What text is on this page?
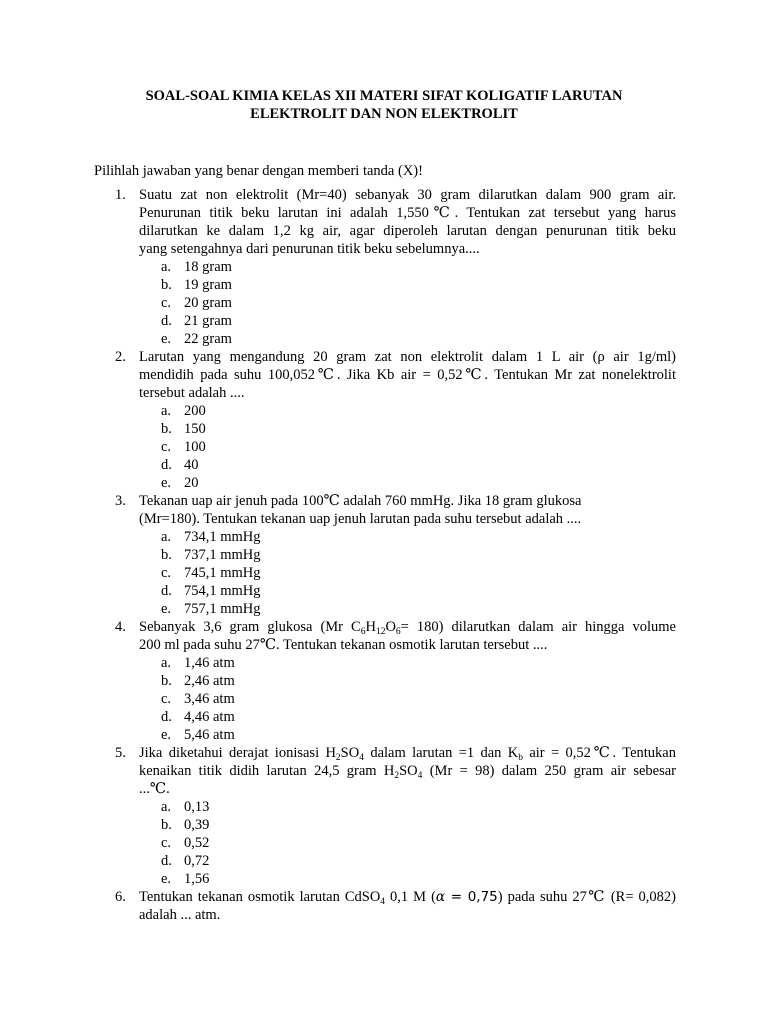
SOAL-SOAL KIMIA KELAS XII MATERI SIFAT KOLIGATIF LARUTAN
ELEKTROLIT DAN NON ELEKTROLIT
Pilihlah jawaban yang benar dengan memberi tanda (X)!
1. Suatu zat non elektrolit (Mr=40) sebanyak 30 gram dilarutkan dalam 900 gram air.
Penurunan titik beku larutan ini adalah 1,550℃. Tentukan zat tersebut yang harus
dilarutkan ke dalam 1,2 kg air, agar diperoleh larutan dengan penurunan titik beku
yang setengahnya dari penurunan titik beku sebelumnya....
a. 18 gram
b. 19 gram
c. 20 gram
d. 21 gram
e. 22 gram
2. Larutan yang mengandung 20 gram zat non elektrolit dalam 1 L air (ρ air 1g/ml)
mendidih pada suhu 100,052℃. Jika Kb air = 0,52℃. Tentukan Mr zat nonelektrolit
tersebut adalah ....
a. 200
b. 150
c. 100
d. 40
e. 20
3. Tekanan uap air jenuh pada 100℃ adalah 760 mmHg. Jika 18 gram glukosa
(Mr=180). Tentukan tekanan uap jenuh larutan pada suhu tersebut adalah ....
a. 734,1 mmHg
b. 737,1 mmHg
c. 745,1 mmHg
d. 754,1 mmHg
e. 757,1 mmHg
4. Sebanyak 3,6 gram glukosa (Mr $C_6H_{12}O_6= 180$) dilarutkan dalam air hingga volume
200 ml pada suhu 27℃. Tentukan tekanan osmotik larutan tersebut ....
a. 1,46 atm
b. 2,46 atm
c. 3,46 atm
d. 4,46 atm
e. 5,46 atm
5. Jika diketahui derajat ionisasi $H_2SO_4$ dalam larutan =1 dan $K_b$ air = 0,52℃. Tentukan
kenaikan titik didih larutan 24,5 gram $H_2SO_4$ (Mr = 98) dalam 250 gram air sebesar
...℃.
a. 0,13
b. 0,39
c. 0,52
d. 0,72
e. 1,56
6. Tentukan tekanan osmotik larutan CdSO$_4$ 0,1 M (α = 0,75) pada suhu 27℃ (R= 0,082)
adalah ... atm.
